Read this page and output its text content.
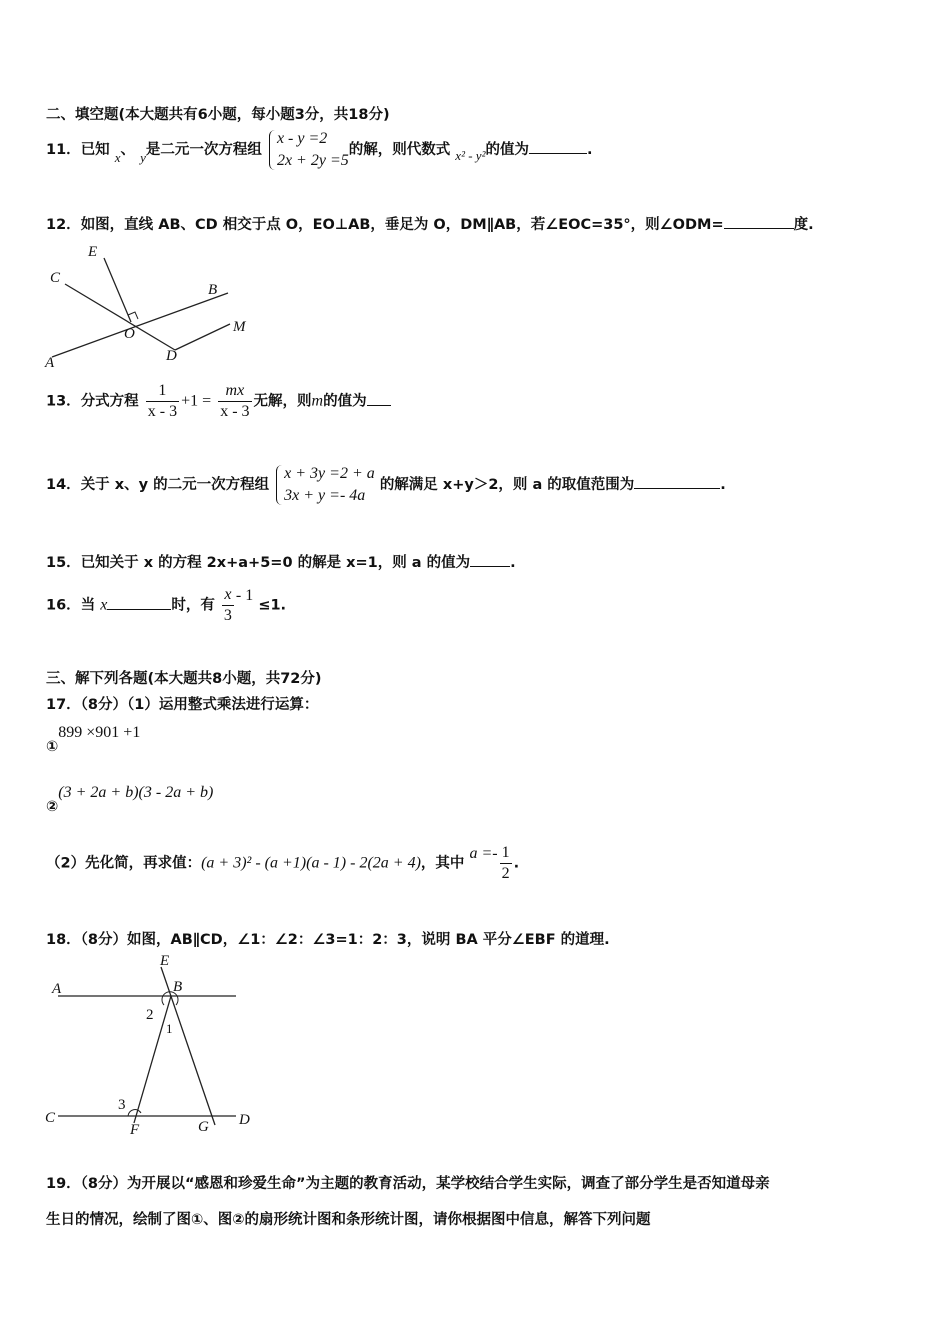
二、填空题(本大题共有6小题，每小题3分，共18分)
11．已知 x、 y是二元一次方程组
x - y =2
2x + 2y =5
的解，则代数式 x² - y²的值为	.
12．如图，直线 AB、CD 相交于点 O，EO⊥AB，垂足为 O，DM∥AB，若∠EOC=35°，则∠ODM=	度.
E
C
B
M
O
D
A
13．分式方程 $\frac{1}{x - 3} +1 = \frac{mx}{x - 3}$ 无解，则m的值为
14．关于 x、y 的二元一次方程组
x + 3y =2 + a
3x + y =- 4a
的解满足 x+y＞2，则 a 的取值范围为	.
15．已知关于 x 的方程 2x+a+5=0 的解是 x=1，则 a 的值为	.
16．当 x	时，有 $\frac{x}{3} - 1 \le 1$.
三、解下列各题(本大题共8小题，共72分)
17．（8分）（1）运用整式乘法进行运算：
①899 ×901 +1
②(3 + 2a + b)(3 - 2a + b)
（2）先化简，再求值：(a + 3)² - (a +1)(a - 1) - 2(2a + 4)，其中 $a =- \frac{1}{2}$ .
18．（8分）如图，AB∥CD，∠1：∠2：∠3=1：2：3，说明 BA 平分∠EBF 的道理.
E
A	B
2
1
3
C
F	G D
19．（8分）为开展以“感恩和珍爱生命”为主题的教育活动，某学校结合学生实际，调查了部分学生是否知道母亲
生日的情况，绘制了图①、图②的扇形统计图和条形统计图，请你根据图中信息，解答下列问题
